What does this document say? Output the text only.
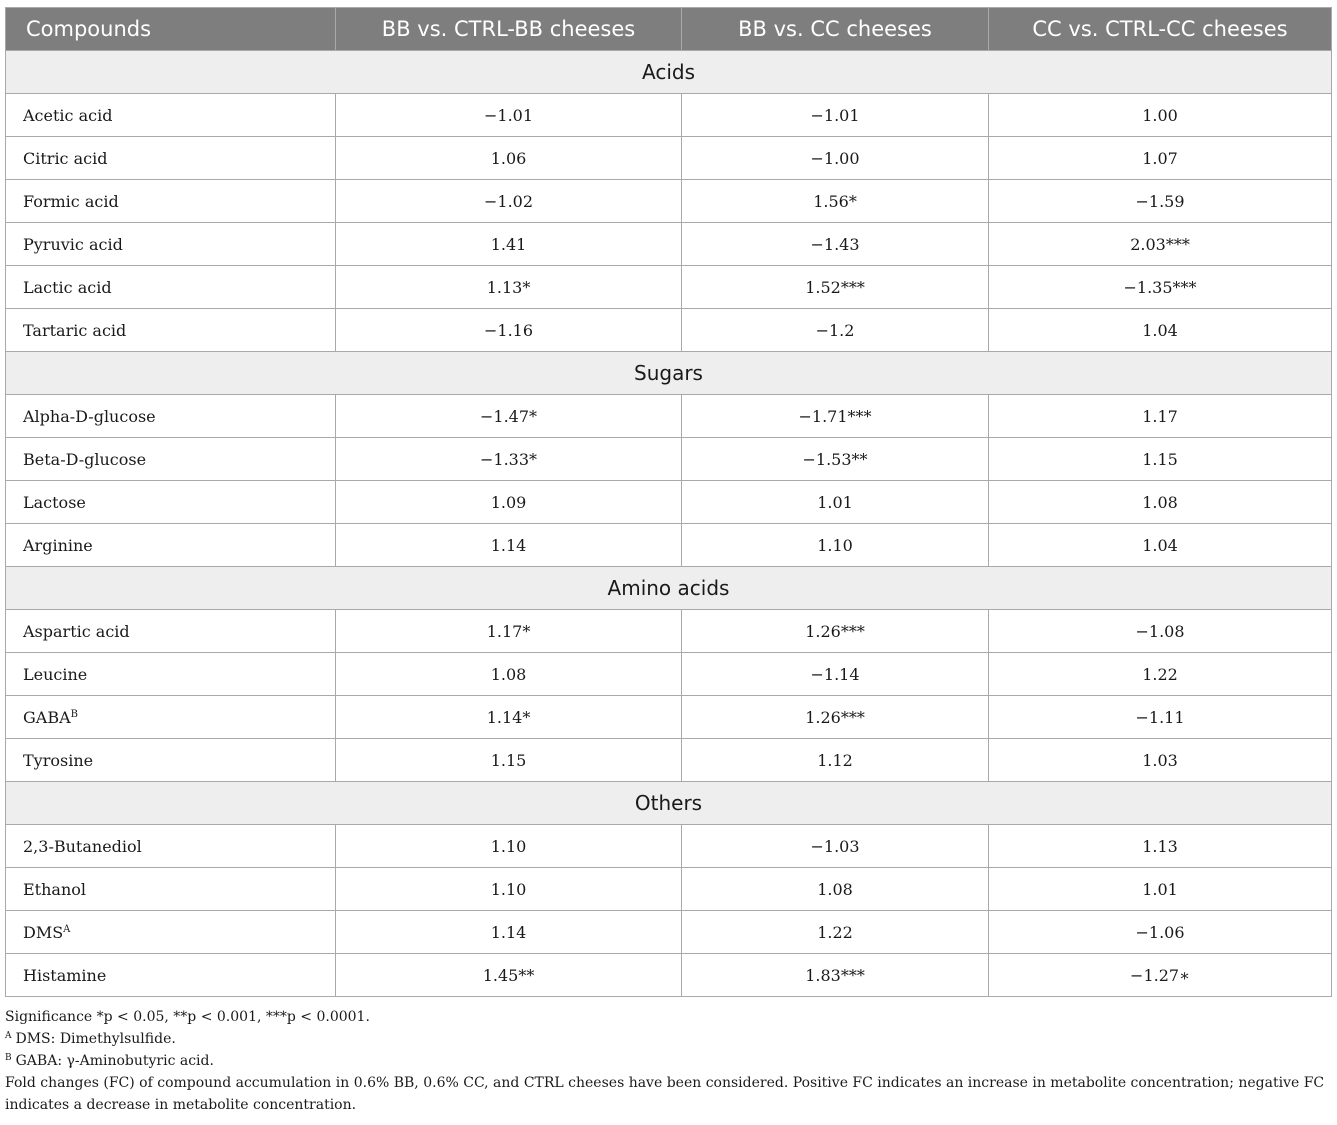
Compounds	BB vs. CTRL-BB cheeses	BB vs. CC cheeses	CC vs. CTRL-CC cheeses
Acids			
Acetic acid	−1.01	−1.01	1.00
Citric acid	1.06	−1.00	1.07
Formic acid	−1.02	1.56*	−1.59
Pyruvic acid	1.41	−1.43	2.03***
Lactic acid	1.13*	1.52***	−1.35***
Tartaric acid	−1.16	−1.2	1.04
Sugars			
Alpha-D-glucose	−1.47*	−1.71***	1.17
Beta-D-glucose	−1.33*	−1.53**	1.15
Lactose	1.09	1.01	1.08
Arginine	1.14	1.10	1.04
Amino acids			
Aspartic acid	1.17*	1.26***	−1.08
Leucine	1.08	−1.14	1.22
$GABA^B$	1.14*	1.26***	−1.11
Tyrosine	1.15	1.12	1.03
Others			
2,3-Butanediol	1.10	−1.03	1.13
Ethanol	1.10	1.08	1.01
$DMS^A$	1.14	1.22	−1.06
Histamine	1.45**	1.83***	−1.27∗

Significance *p < 0.05, **p < 0.001, ***p < 0.0001.

$^A$ DMS: Dimethylsulfide.

$^B$ GABA: γ-Aminobutyric acid.

Fold changes (FC) of compound accumulation in 0.6% BB, 0.6% CC, and CTRL cheeses have been considered. Positive FC indicates an increase in metabolite concentration; negative FC indicates a decrease in metabolite concentration.
